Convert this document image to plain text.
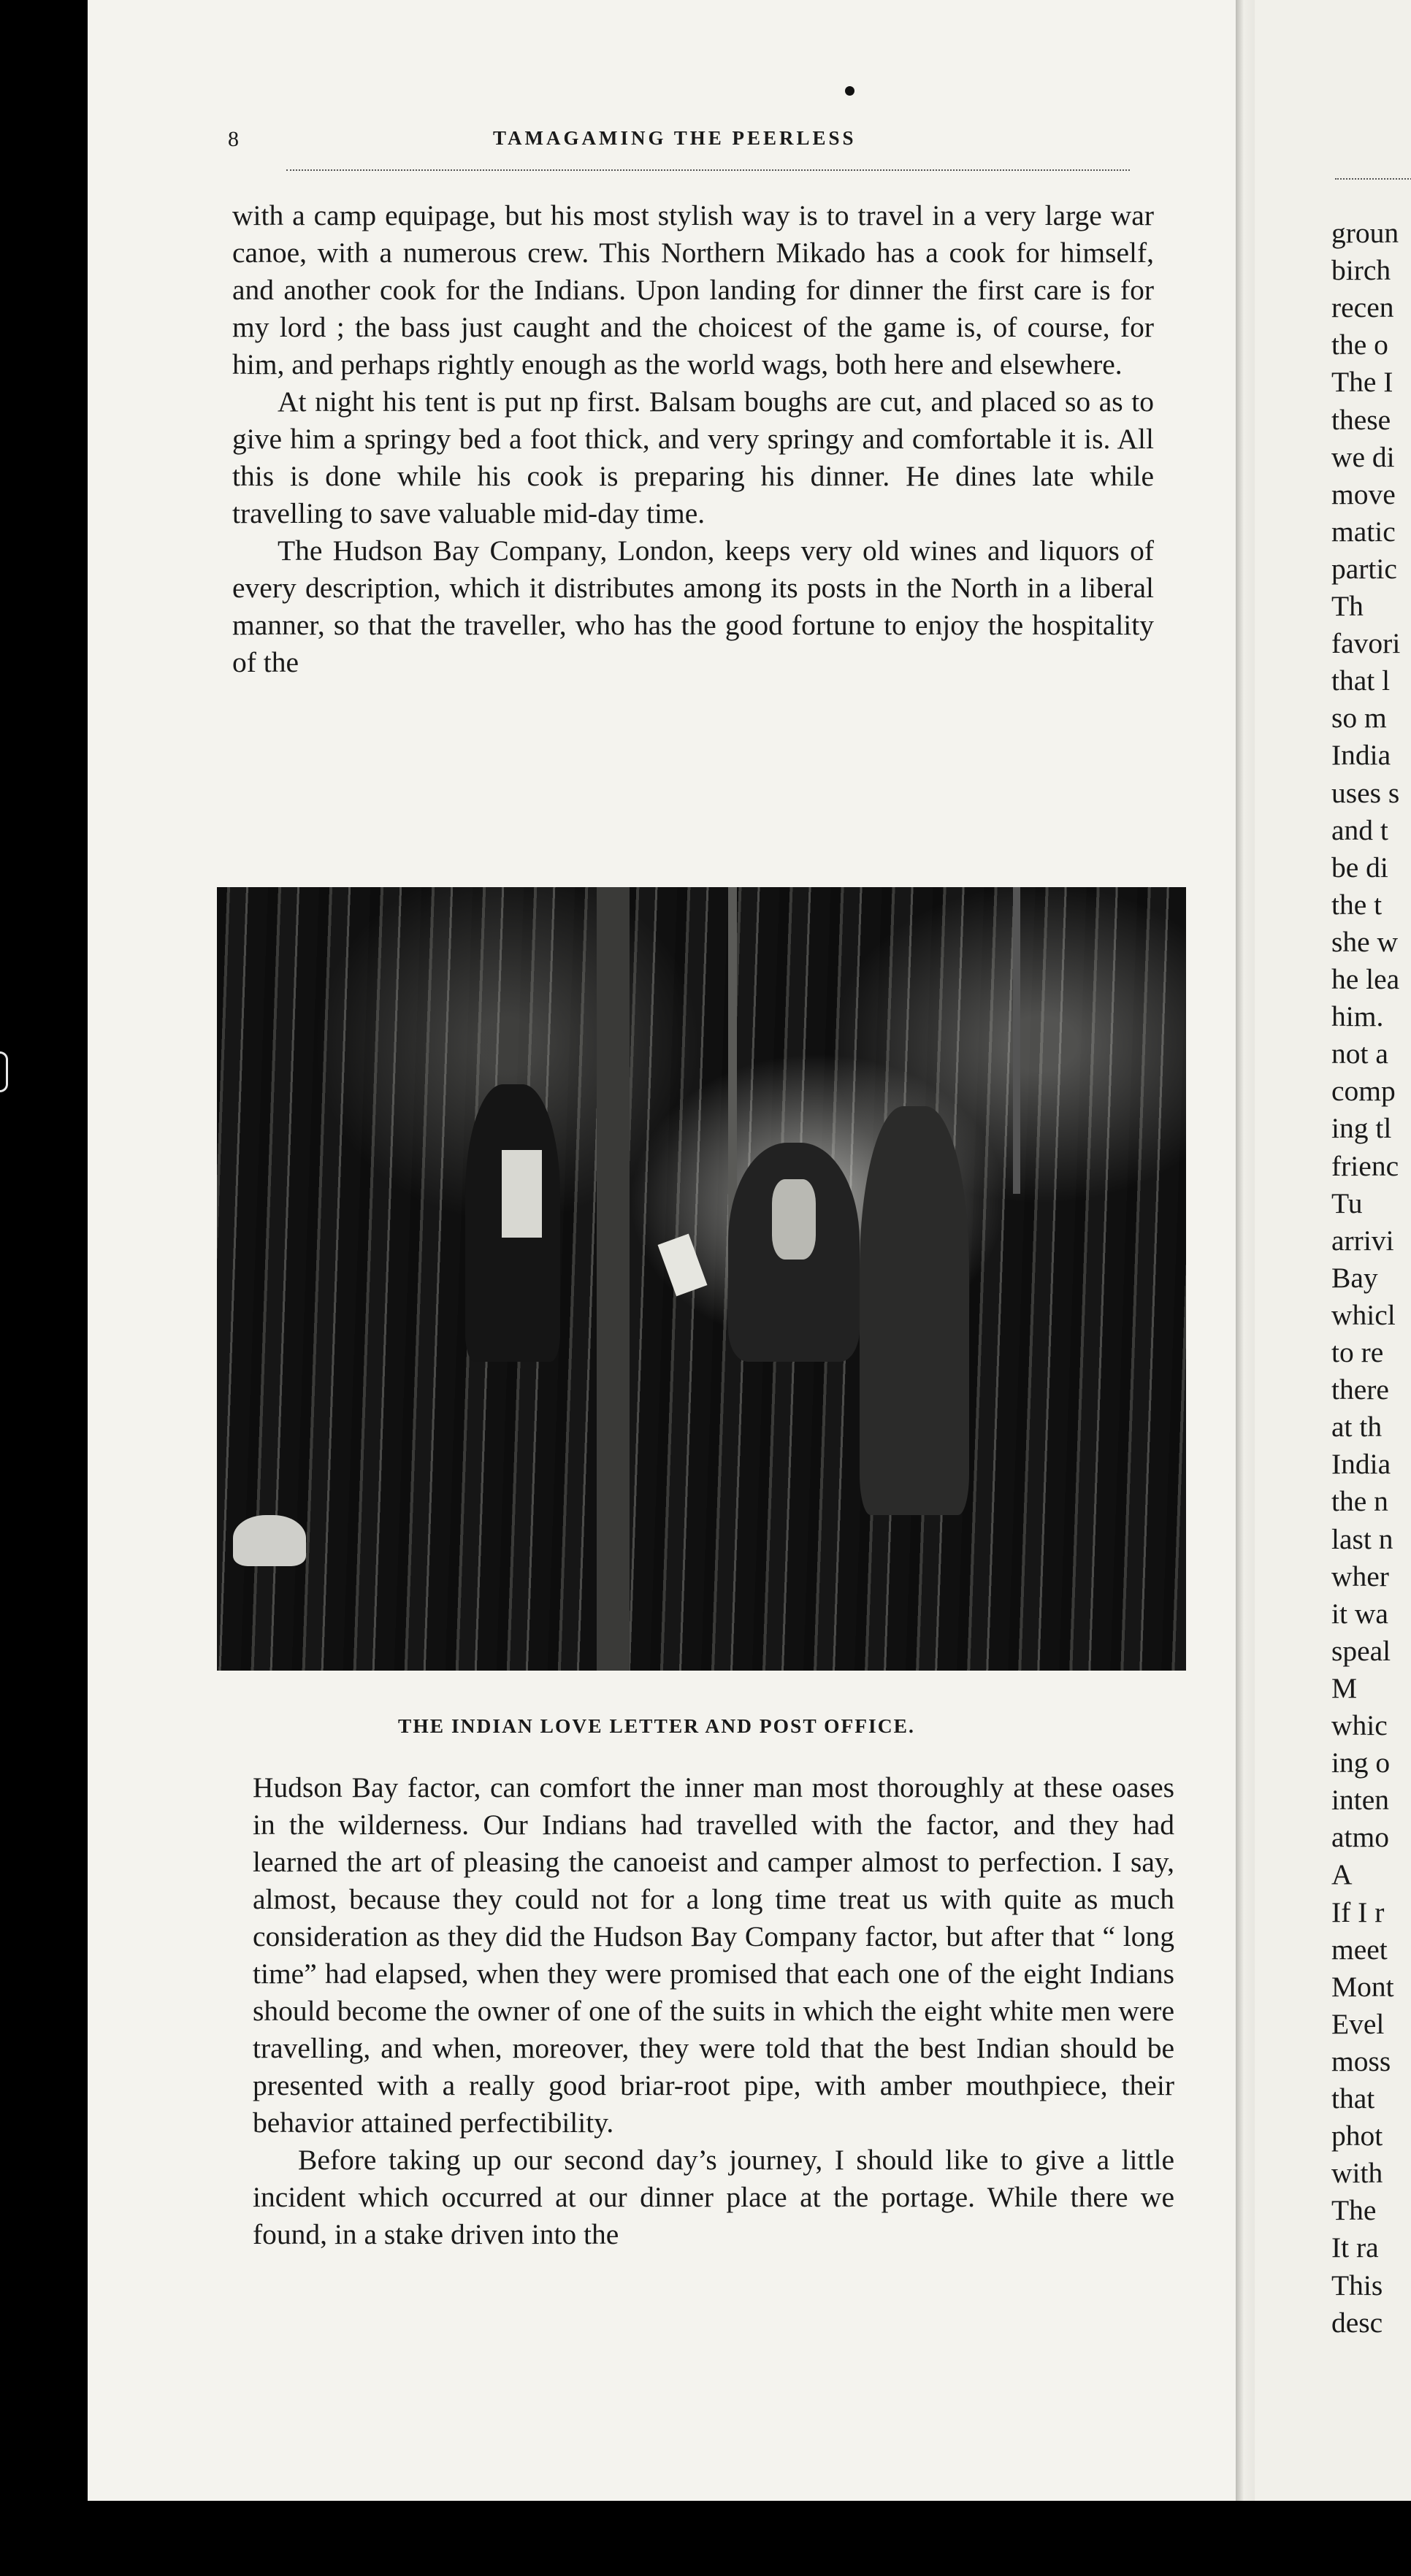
8	TAMAGAMING THE PEERLESS

with a camp equipage, but his most stylish way is to travel in a very large war canoe, with a numerous crew. This Northern Mikado has a cook for himself, and another cook for the Indians. Upon landing for dinner the first care is for my lord ; the bass just caught and the choicest of the game is, of course, for him, and perhaps rightly enough as the world wags, both here and elsewhere.

At night his tent is put np first. Balsam boughs are cut, and placed so as to give him a springy bed a foot thick, and very springy and comfortable it is. All this is done while his cook is preparing his dinner. He dines late while travelling to save valuable mid-day time.

The Hudson Bay Company, London, keeps very old wines and liquors of every description, which it distributes among its posts in the North in a liberal manner, so that the traveller, who has the good fortune to enjoy the hospitality of the

THE INDIAN LOVE LETTER AND POST OFFICE.

Hudson Bay factor, can comfort the inner man most thoroughly at these oases in the wilderness. Our Indians had travelled with the factor, and they had learned the art of pleasing the canoeist and camper almost to perfection. I say, almost, because they could not for a long time treat us with quite as much consideration as they did the Hudson Bay Company factor, but after that “ long time” had elapsed, when they were promised that each one of the eight Indians should become the owner of one of the suits in which the eight white men were travelling, and when, moreover, they were told that the best Indian should be presented with a really good briar-root pipe, with amber mouthpiece, their behavior attained perfectibility.

Before taking up our second day’s journey, I should like to give a little incident which occurred at our dinner place at the portage. While there we found, in a stake driven into the

groun
birch
recen
the o
The I
these
we di
move
matic
partic
Th
favori
that l
so m
India
uses s
and t
be di
the t
she w
he lea
him.
not a
comp
ing tl
frienc
Tu
arrivi
Bay
whicl
to re
there
at th
India
the n
last n
wher
it wa
speal
M
whic
ing o
inten
atmo
A
If I r
meet
Mont
Evel
moss
that
phot
with
The
It ra
This
desc
